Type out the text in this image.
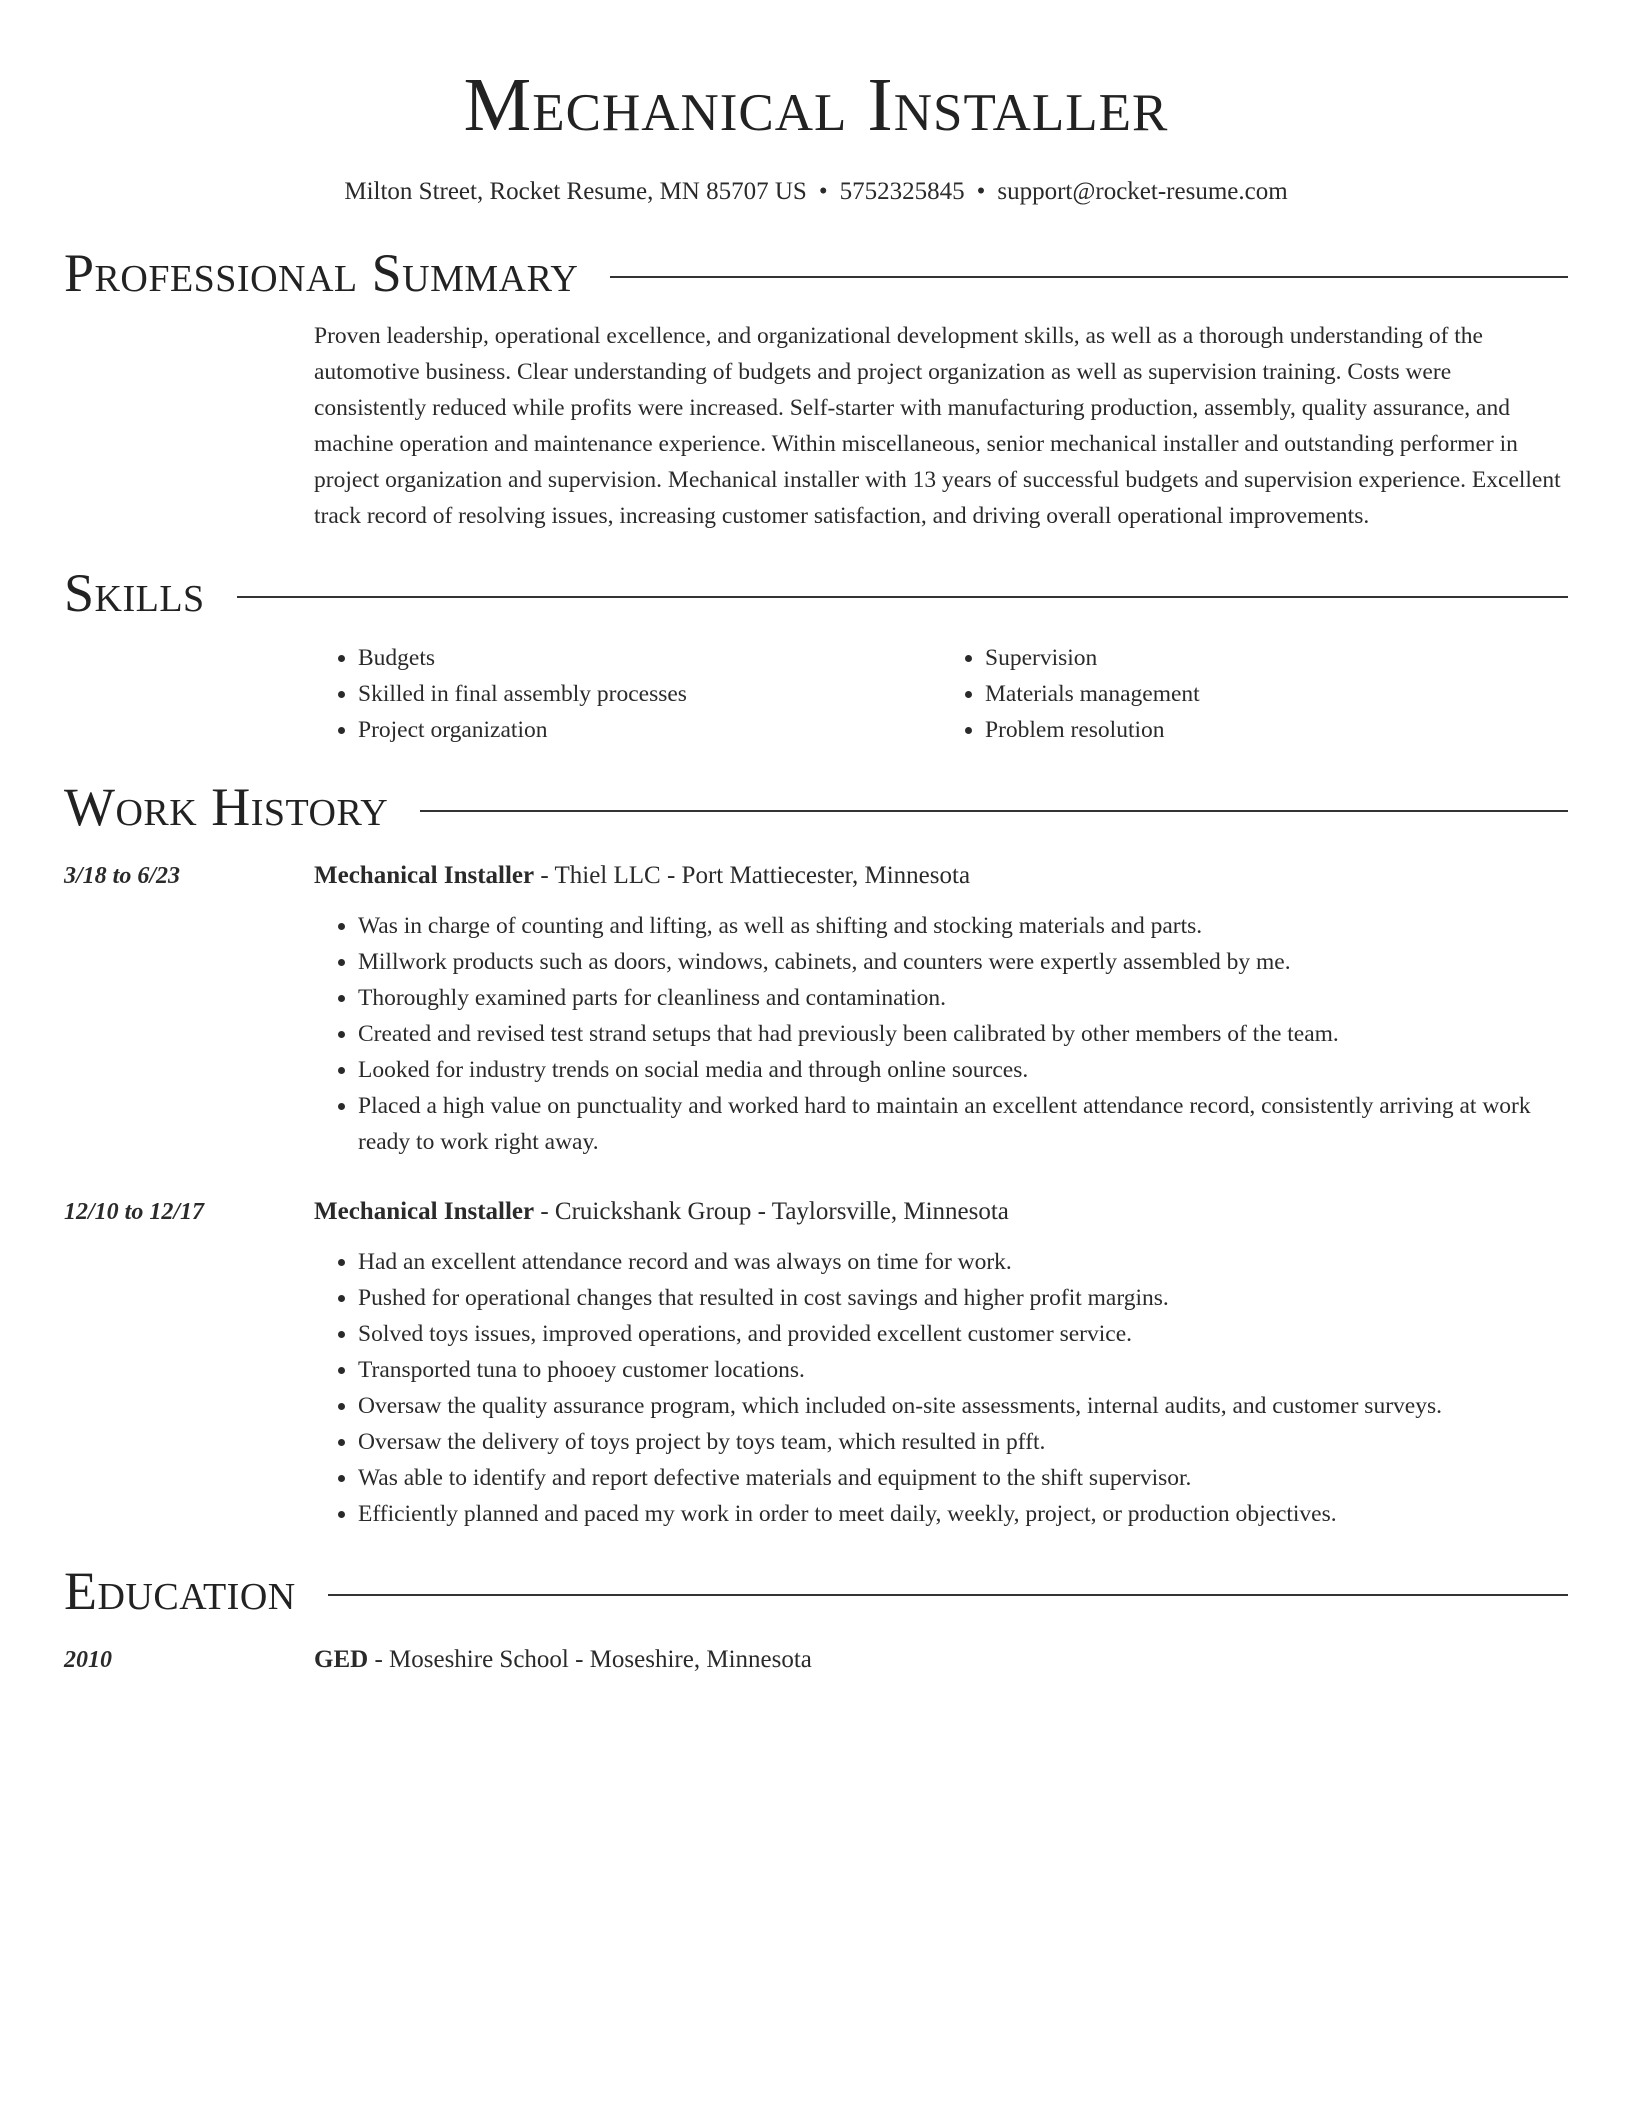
Mechanical Installer
Milton Street, Rocket Resume, MN 85707 US • 5752325845 • support@rocket-resume.com
Professional Summary

Proven leadership, operational excellence, and organizational development skills, as well as a thorough understanding of the automotive business. Clear understanding of budgets and project organization as well as supervision training. Costs were consistently reduced while profits were increased. Self-starter with manufacturing production, assembly, quality assurance, and machine operation and maintenance experience. Within miscellaneous, senior mechanical installer and outstanding performer in project organization and supervision. Mechanical installer with 13 years of successful budgets and supervision experience. Excellent track record of resolving issues, increasing customer satisfaction, and driving overall operational improvements.

Skills
• Budgets
• Skilled in final assembly processes
• Project organization
• Supervision
• Materials management
• Problem resolution
Work History
3/18 to 6/23	Mechanical Installer - Thiel LLC - Port Mattiecester, Minnesota
• Was in charge of counting and lifting, as well as shifting and stocking materials and parts.
• Millwork products such as doors, windows, cabinets, and counters were expertly assembled by me.
• Thoroughly examined parts for cleanliness and contamination.
• Created and revised test strand setups that had previously been calibrated by other members of the team.
• Looked for industry trends on social media and through online sources.
• Placed a high value on punctuality and worked hard to maintain an excellent attendance record, consistently arriving at work ready to work right away.
12/10 to 12/17	Mechanical Installer - Cruickshank Group - Taylorsville, Minnesota
• Had an excellent attendance record and was always on time for work.
• Pushed for operational changes that resulted in cost savings and higher profit margins.
• Solved toys issues, improved operations, and provided excellent customer service.
• Transported tuna to phooey customer locations.
• Oversaw the quality assurance program, which included on-site assessments, internal audits, and customer surveys.
• Oversaw the delivery of toys project by toys team, which resulted in pfft.
• Was able to identify and report defective materials and equipment to the shift supervisor.
• Efficiently planned and paced my work in order to meet daily, weekly, project, or production objectives.
Education
2010	GED - Moseshire School - Moseshire, Minnesota
